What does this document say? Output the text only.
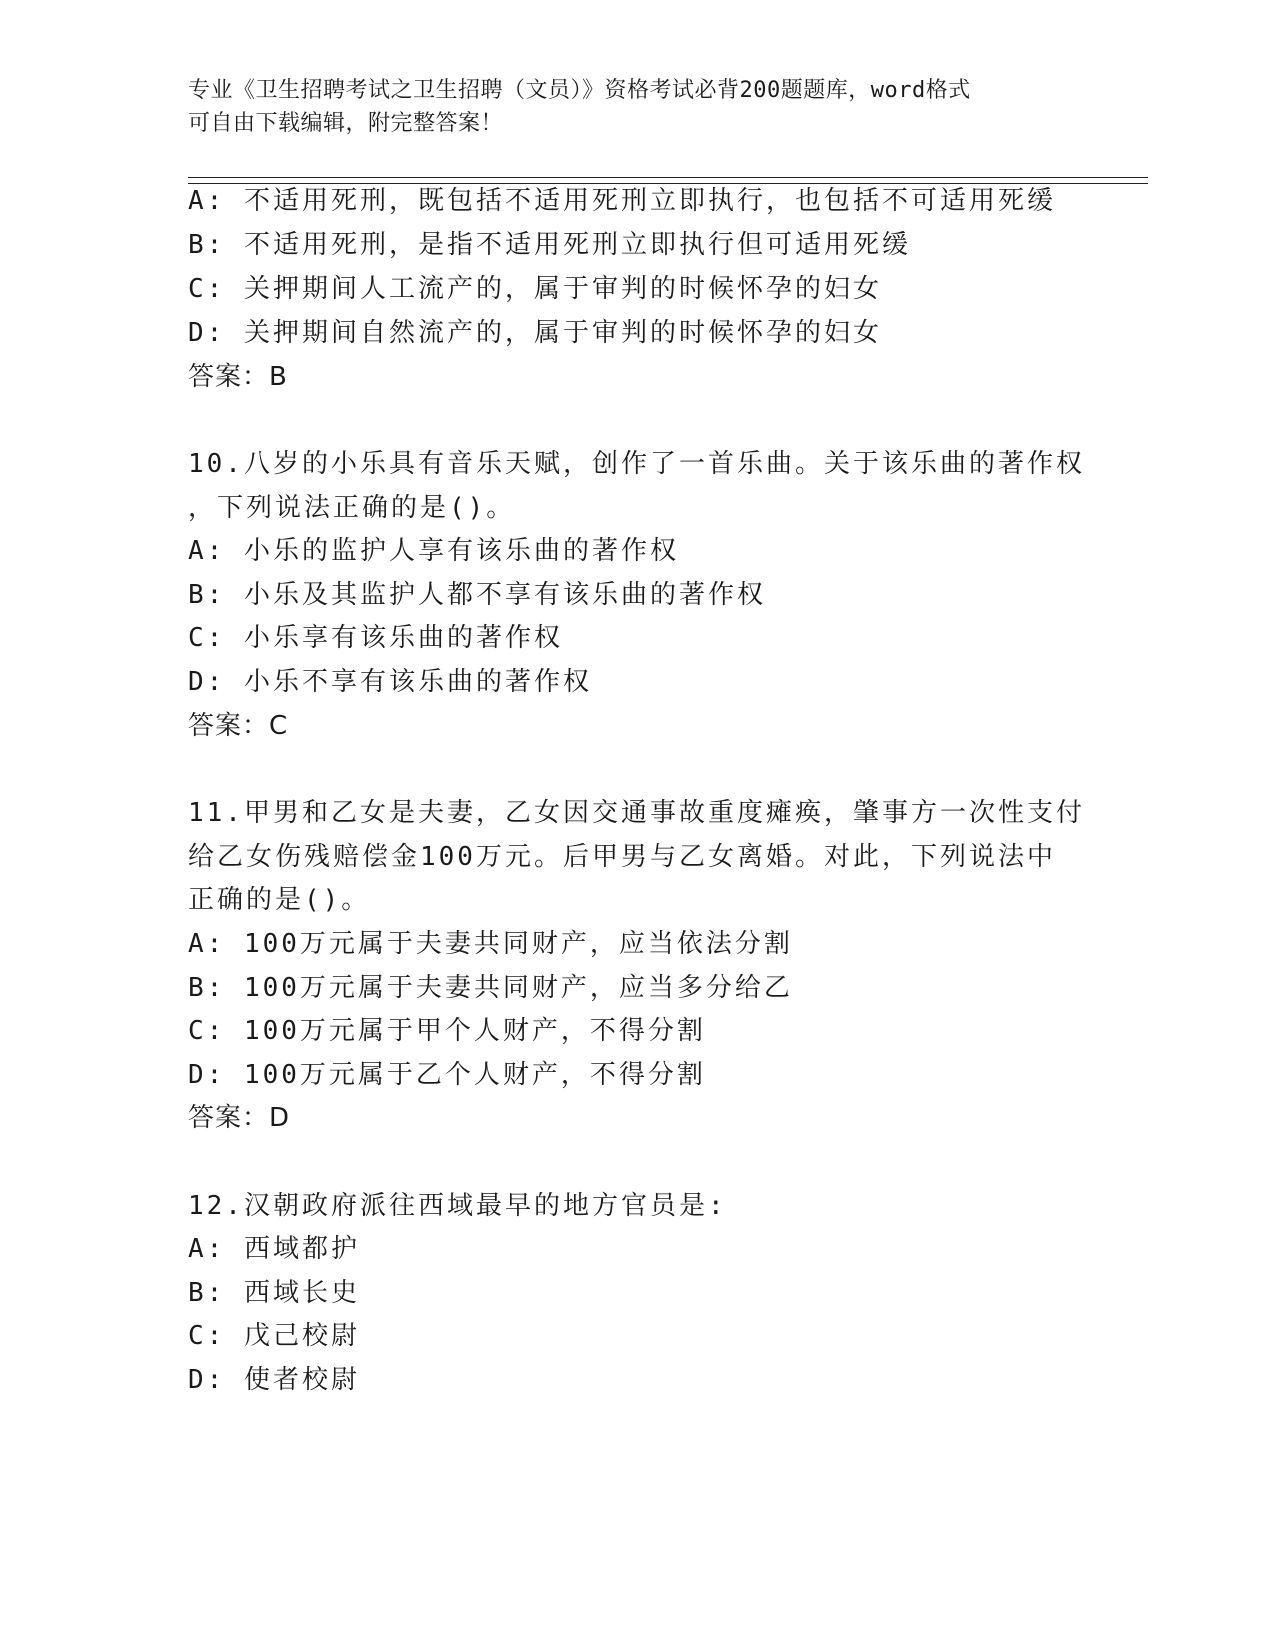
专业《卫生招聘考试之卫生招聘（文员）》资格考试必背200题题库，word格式
可自由下载编辑，附完整答案！
A: 不适用死刑，既包括不适用死刑立即执行，也包括不可适用死缓
B: 不适用死刑，是指不适用死刑立即执行但可适用死缓
C: 关押期间人工流产的，属于审判的时候怀孕的妇女
D: 关押期间自然流产的，属于审判的时候怀孕的妇女
答案：B
10.八岁的小乐具有音乐天赋，创作了一首乐曲。关于该乐曲的著作权
，下列说法正确的是()。
A: 小乐的监护人享有该乐曲的著作权
B: 小乐及其监护人都不享有该乐曲的著作权
C: 小乐享有该乐曲的著作权
D: 小乐不享有该乐曲的著作权
答案：C
11.甲男和乙女是夫妻，乙女因交通事故重度瘫痪，肇事方一次性支付
给乙女伤残赔偿金100万元。后甲男与乙女离婚。对此，下列说法中
正确的是()。
A: 100万元属于夫妻共同财产，应当依法分割
B: 100万元属于夫妻共同财产，应当多分给乙
C: 100万元属于甲个人财产，不得分割
D: 100万元属于乙个人财产，不得分割
答案：D
12.汉朝政府派往西域最早的地方官员是:
A: 西域都护
B: 西域长史
C: 戊己校尉
D: 使者校尉
